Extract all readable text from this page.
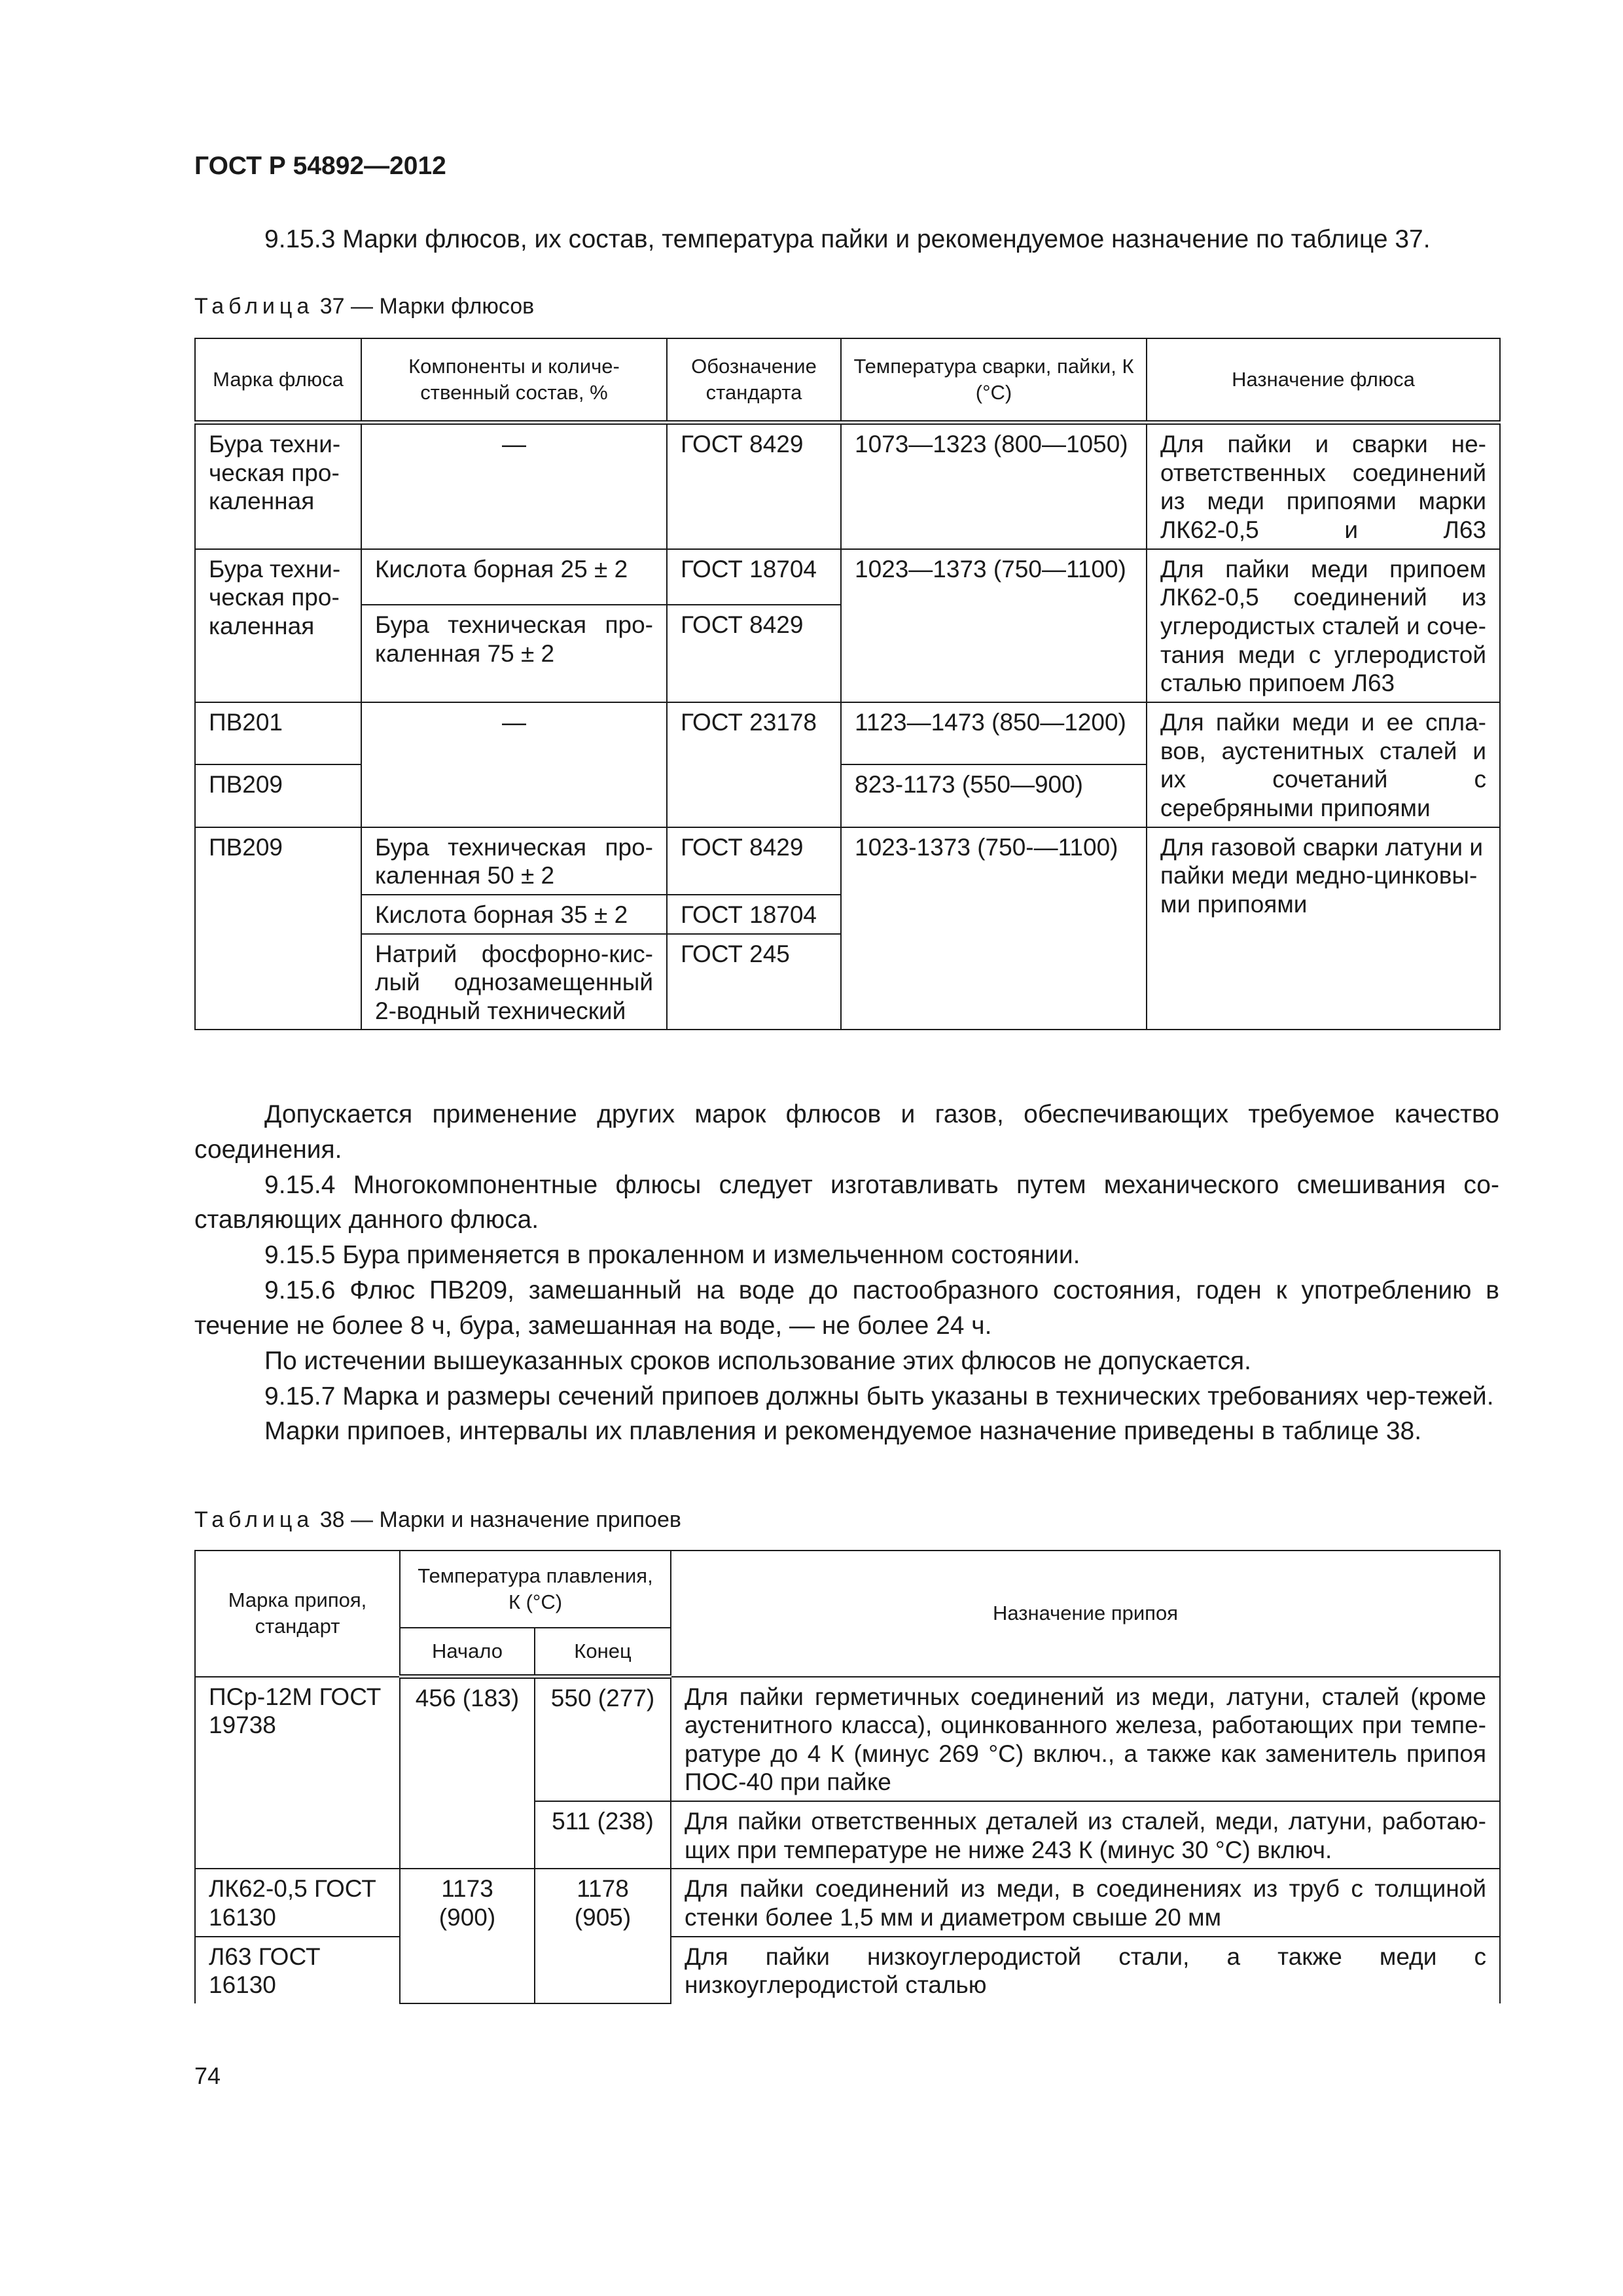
ГОСТ Р 54892—2012

9.15.3 Марки флюсов, их состав, температура пайки и рекомендуемое назначение по таблице 37.

Таблица 37 — Марки флюсов
Марка флюса	Компоненты и количе-ственный состав, %	Обозначение стандарта	Температура сварки, пайки, К (°С)	Назначение флюса
Бура техни-ческая про-каленная	—	ГОСТ 8429	1073—1323 (800—1050)	Для пайки и сварки не-ответственных соединений из меди припоями марки ЛК62-0,5 и Л63
Бура техни-ческая про-каленная	Кислота борная 25 ± 2	ГОСТ 18704	1023—1373 (750—1100)	Для пайки меди припоем ЛК62-0,5 соединений из углеродистых сталей и соче-тания меди с углеродистой сталью припоем Л63
	Бура техническая про-каленная 75 ± 2	ГОСТ 8429		
ПВ201	—	ГОСТ 23178	1123—1473 (850—1200)	Для пайки меди и ее спла-вов, аустенитных сталей и их сочетаний с серебряными припоями
ПВ209			823-1173 (550—900)	
ПВ209	Бура техническая про-каленная 50 ± 2	ГОСТ 8429	1023-1373 (750-—1100)	Для газовой сварки латуни и пайки меди медно-цинковы-ми припоями
	Кислота борная 35 ± 2	ГОСТ 18704		
	Натрий фосфорно-кис-лый однозамещенный 2-водный технический	ГОСТ 245		

Допускается применение других марок флюсов и газов, обеспечивающих требуемое качество соединения.

9.15.4 Многокомпонентные флюсы следует изготавливать путем механического смешивания со-ставляющих данного флюса.

9.15.5 Бура применяется в прокаленном и измельченном состоянии.

9.15.6 Флюс ПВ209, замешанный на воде до пастообразного состояния, годен к употреблению в течение не более 8 ч, бура, замешанная на воде, — не более 24 ч.

По истечении вышеуказанных сроков использование этих флюсов не допускается.

9.15.7 Марка и размеры сечений припоев должны быть указаны в технических требованиях чер-тежей.

Марки припоев, интервалы их плавления и рекомендуемое назначение приведены в таблице 38.

Таблица 38 — Марки и назначение припоев
Марка припоя, стандарт	Температура плавления, К (°С)		Назначение припоя
	Начало	Конец	
ПСр-12М ГОСТ 19738	456 (183)	550 (277)	Для пайки герметичных соединений из меди, латуни, сталей (кроме аустенитного класса), оцинкованного железа, работающих при темпе-ратуре до 4 К (минус 269 °С) включ., а также как заменитель припоя ПОС-40 при пайке
		511 (238)	Для пайки ответственных деталей из сталей, меди, латуни, работаю-щих при температуре не ниже 243 К (минус 30 °С) включ.
ЛК62-0,5 ГОСТ 16130	1173 (900)	1178 (905)	Для пайки соединений из меди, в соединениях из труб с толщиной стенки более 1,5 мм и диаметром свыше 20 мм
Л63 ГОСТ 16130			Для пайки низкоуглеродистой стали, а также меди с низкоуглеродистой сталью
74
